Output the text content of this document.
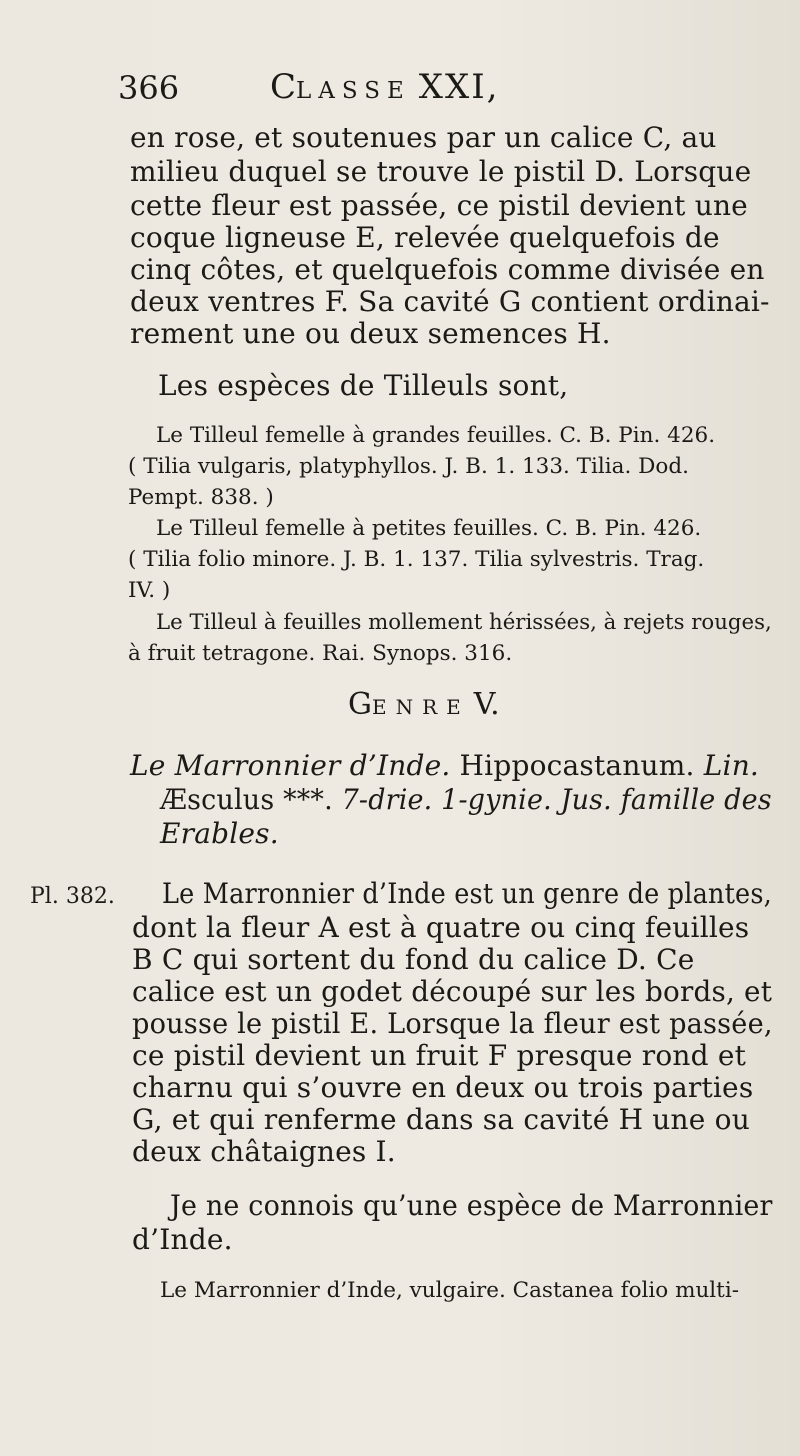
366	CLASSE XXI,
en rose, et soutenues par un calice C, au
milieu duquel se trouve le pistil D. Lorsque
cette fleur est passée, ce pistil devient une
coque ligneuse E, relevée quelquefois de
cinq côtes, et quelquefois comme divisée en
deux ventres F. Sa cavité G contient ordinai-
rement une ou deux semences H.
Les espèces de Tilleuls sont,
Le Tilleul femelle à grandes feuilles. C. B. Pin. 426.
( Tilia vulgaris, platyphyllos. J. B. 1. 133. Tilia. Dod.
Pempt. 838. )
Le Tilleul femelle à petites feuilles. C. B. Pin. 426.
( Tilia folio minore. J. B. 1. 137. Tilia sylvestris. Trag.
IV. )
Le Tilleul à feuilles mollement hérissées, à rejets rouges,
à fruit tetragone. Rai. Synops. 316.
GENRE V.
Le Marronnier d’Inde. Hippocastanum. Lin.
Æsculus ***. 7-drie. 1-gynie. Jus. famille des
Erables.
Pl. 382. Le Marronnier d’Inde est un genre de plantes,
dont la fleur A est à quatre ou cinq feuilles
B C qui sortent du fond du calice D. Ce
calice est un godet découpé sur les bords, et
pousse le pistil E. Lorsque la fleur est passée,
ce pistil devient un fruit F presque rond et
charnu qui s’ouvre en deux ou trois parties
G, et qui renferme dans sa cavité H une ou
deux châtaignes I.
Je ne connois qu’une espèce de Marronnier
d’Inde.
Le Marronnier d’Inde, vulgaire. Castanea folio multi-
